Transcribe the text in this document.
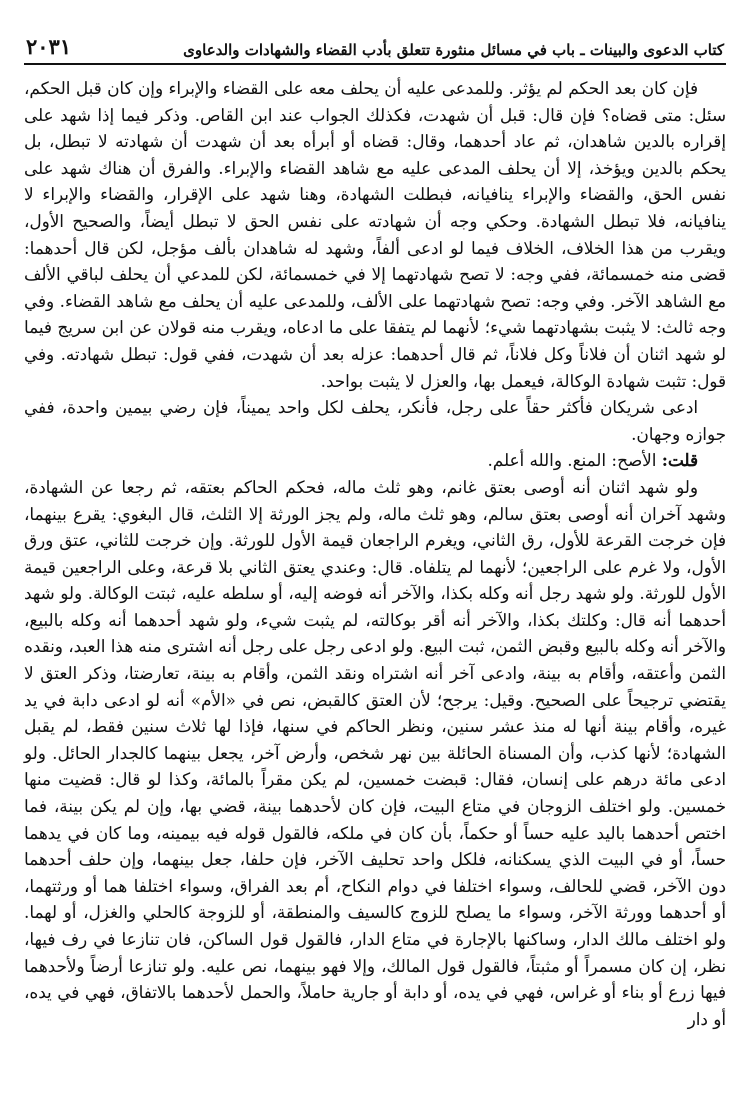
كتاب الدعوى والبينات ـ باب في مسائل منثورة تتعلق بأدب القضاء والشهادات والدعاوى
٢٠٣١

فإن كان بعد الحكم لم يؤثر. وللمدعى عليه أن يحلف معه على القضاء والإبراء وإن كان قبل الحكم، سئل: متى قضاه؟ فإن قال: قبل أن شهدت، فكذلك الجواب عند ابن القاص. وذكر فيما إذا شهد على إقراره بالدين شاهدان، ثم عاد أحدهما، وقال: قضاه أو أبرأه بعد أن شهدت أن شهادته لا تبطل، بل يحكم بالدين ويؤخذ، إلا أن يحلف المدعى عليه مع شاهد القضاء والإبراء. والفرق أن هناك شهد على نفس الحق، والقضاء والإبراء ينافيانه، فبطلت الشهادة، وهنا شهد على الإقرار، والقضاء والإبراء لا ينافيانه، فلا تبطل الشهادة. وحكي وجه أن شهادته على نفس الحق لا تبطل أيضاً، والصحيح الأول، ويقرب من هذا الخلاف، الخلاف فيما لو ادعى ألفاً، وشهد له شاهدان بألف مؤجل، لكن قال أحدهما: قضى منه خمسمائة، ففي وجه: لا تصح شهادتهما إلا في خمسمائة، لكن للمدعي أن يحلف لباقي الألف مع الشاهد الآخر. وفي وجه: تصح شهادتهما على الألف، وللمدعى عليه أن يحلف مع شاهد القضاء. وفي وجه ثالث: لا يثبت بشهادتهما شيء؛ لأنهما لم يتفقا على ما ادعاه، ويقرب منه قولان عن ابن سريج فيما لو شهد اثنان أن فلاناً وكل فلاناً، ثم قال أحدهما: عزله بعد أن شهدت، ففي قول: تبطل شهادته. وفي قول: تثبت شهادة الوكالة، فيعمل بها، والعزل لا يثبت بواحد.

ادعى شريكان فأكثر حقاً على رجل، فأنكر، يحلف لكل واحد يميناً، فإن رضي بيمين واحدة، ففي جوازه وجهان.

قلت: الأصح: المنع. والله أعلم.

ولو شهد اثنان أنه أوصى بعتق غانم، وهو ثلث ماله، فحكم الحاكم بعتقه، ثم رجعا عن الشهادة، وشهد آخران أنه أوصى بعتق سالم، وهو ثلث ماله، ولم يجز الورثة إلا الثلث، قال البغوي: يقرع بينهما، فإن خرجت القرعة للأول، رق الثاني، ويغرم الراجعان قيمة الأول للورثة. وإن خرجت للثاني، عتق ورق الأول، ولا غرم على الراجعين؛ لأنهما لم يتلفاه. قال: وعندي يعتق الثاني بلا قرعة، وعلى الراجعين قيمة الأول للورثة. ولو شهد رجل أنه وكله بكذا، والآخر أنه فوضه إليه، أو سلطه عليه، ثبتت الوكالة. ولو شهد أحدهما أنه قال: وكلتك بكذا، والآخر أنه أقر بوكالته، لم يثبت شيء، ولو شهد أحدهما أنه وكله بالبيع، والآخر أنه وكله بالبيع وقبض الثمن، ثبت البيع. ولو ادعى رجل على رجل أنه اشترى منه هذا العبد، ونقده الثمن وأعتقه، وأقام به بينة، وادعى آخر أنه اشتراه ونقد الثمن، وأقام به بينة، تعارضتا، وذكر العتق لا يقتضي ترجيحاً على الصحيح. وقيل: يرجح؛ لأن العتق كالقبض، نص في «الأم» أنه لو ادعى دابة في يد غيره، وأقام بينة أنها له منذ عشر سنين، ونظر الحاكم في سنها، فإذا لها ثلاث سنين فقط، لم يقبل الشهادة؛ لأنها كذب، وأن المسناة الحائلة بين نهر شخص، وأرض آخر، يجعل بينهما كالجدار الحائل. ولو ادعى مائة درهم على إنسان، فقال: قبضت خمسين، لم يكن مقراً بالمائة، وكذا لو قال: قضيت منها خمسين. ولو اختلف الزوجان في متاع البيت، فإن كان لأحدهما بينة، قضي بها، وإن لم يكن بينة، فما اختص أحدهما باليد عليه حساً أو حكماً، بأن كان في ملكه، فالقول قوله فيه بيمينه، وما كان في يدهما حساً، أو في البيت الذي يسكنانه، فلكل واحد تحليف الآخر، فإن حلفا، جعل بينهما، وإن حلف أحدهما دون الآخر، قضي للحالف، وسواء اختلفا في دوام النكاح، أم بعد الفراق، وسواء اختلفا هما أو ورثتهما، أو أحدهما وورثة الآخر، وسواء ما يصلح للزوج كالسيف والمنطقة، أو للزوجة كالحلي والغزل، أو لهما. ولو اختلف مالك الدار، وساكنها بالإجارة في متاع الدار، فالقول قول الساكن، فان تنازعا في رف فيها، نظر، إن كان مسمراً أو مثبتاً، فالقول قول المالك، وإلا فهو بينهما، نص عليه. ولو تنازعا أرضاً ولأحدهما فيها زرع أو بناء أو غراس، فهي في يده، أو دابة أو جارية حاملاً، والحمل لأحدهما بالاتفاق، فهي في يده، أو دار
